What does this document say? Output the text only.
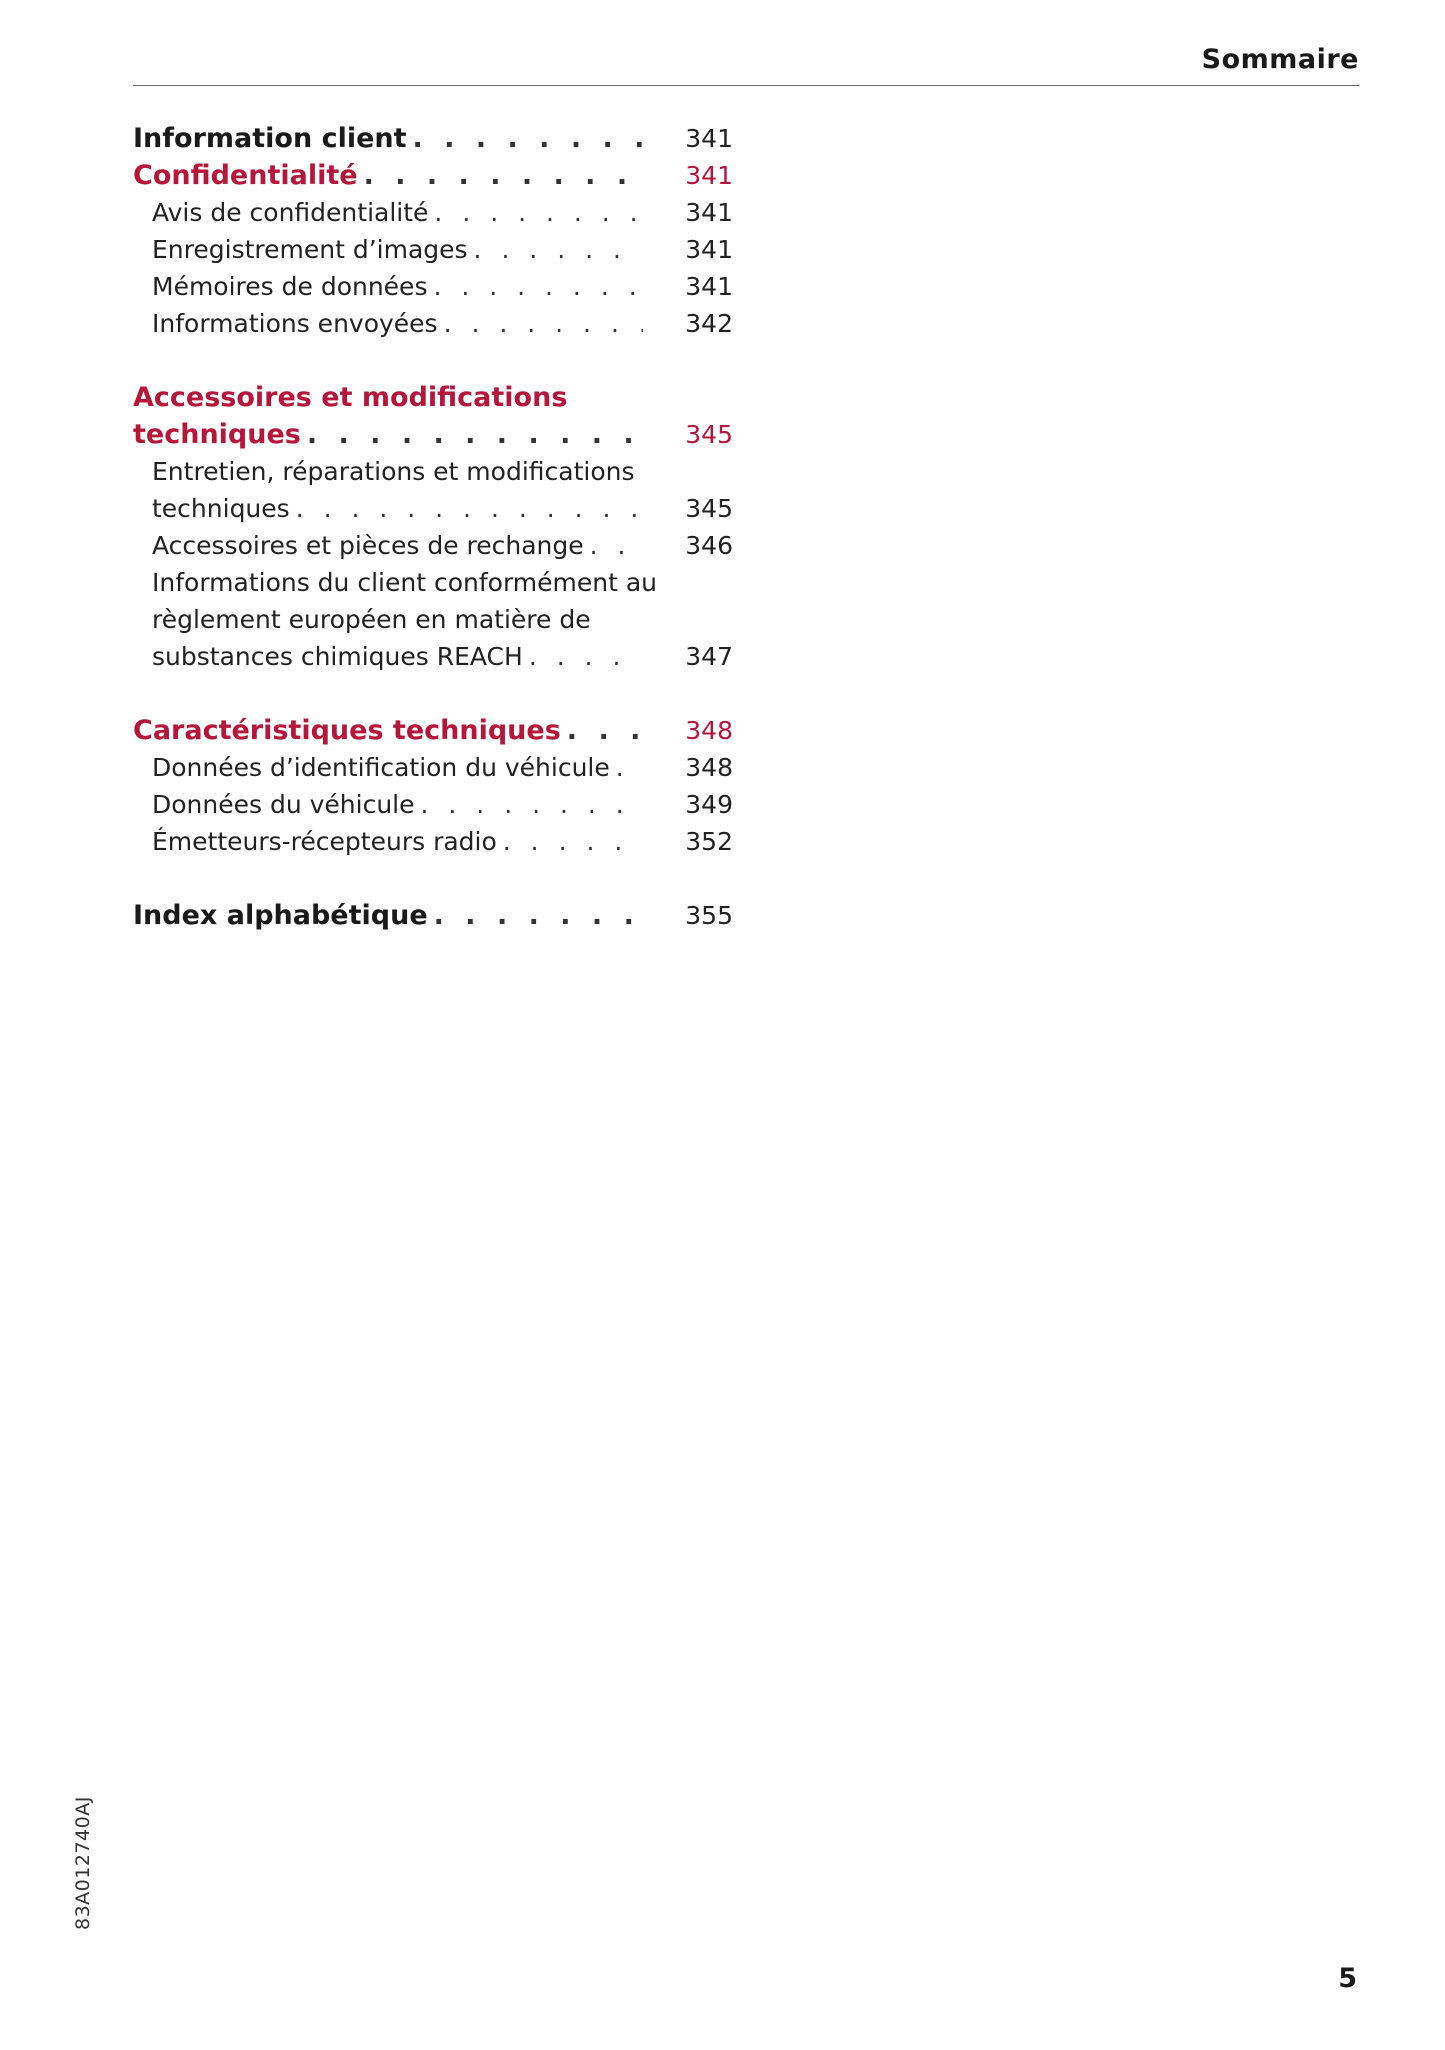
Sommaire
Information client . . .	341
Confidentialité . . .	341
Avis de confidentialité . . .	341
Enregistrement d’images . . .	341
Mémoires de données . . .	341
Informations envoyées . . .	342
Accessoires et modifications
techniques . . .	345
Entretien, réparations et modifications
techniques . . .	345
Accessoires et pièces de rechange . . .	346
Informations du client conformément au
règlement européen en matière de
substances chimiques REACH . . .	347
Caractéristiques techniques . . .	348
Données d’identification du véhicule . . .	348
Données du véhicule . . .	349
Émetteurs-récepteurs radio . . .	352
Index alphabétique . . .	355
83A012740AJ
5
